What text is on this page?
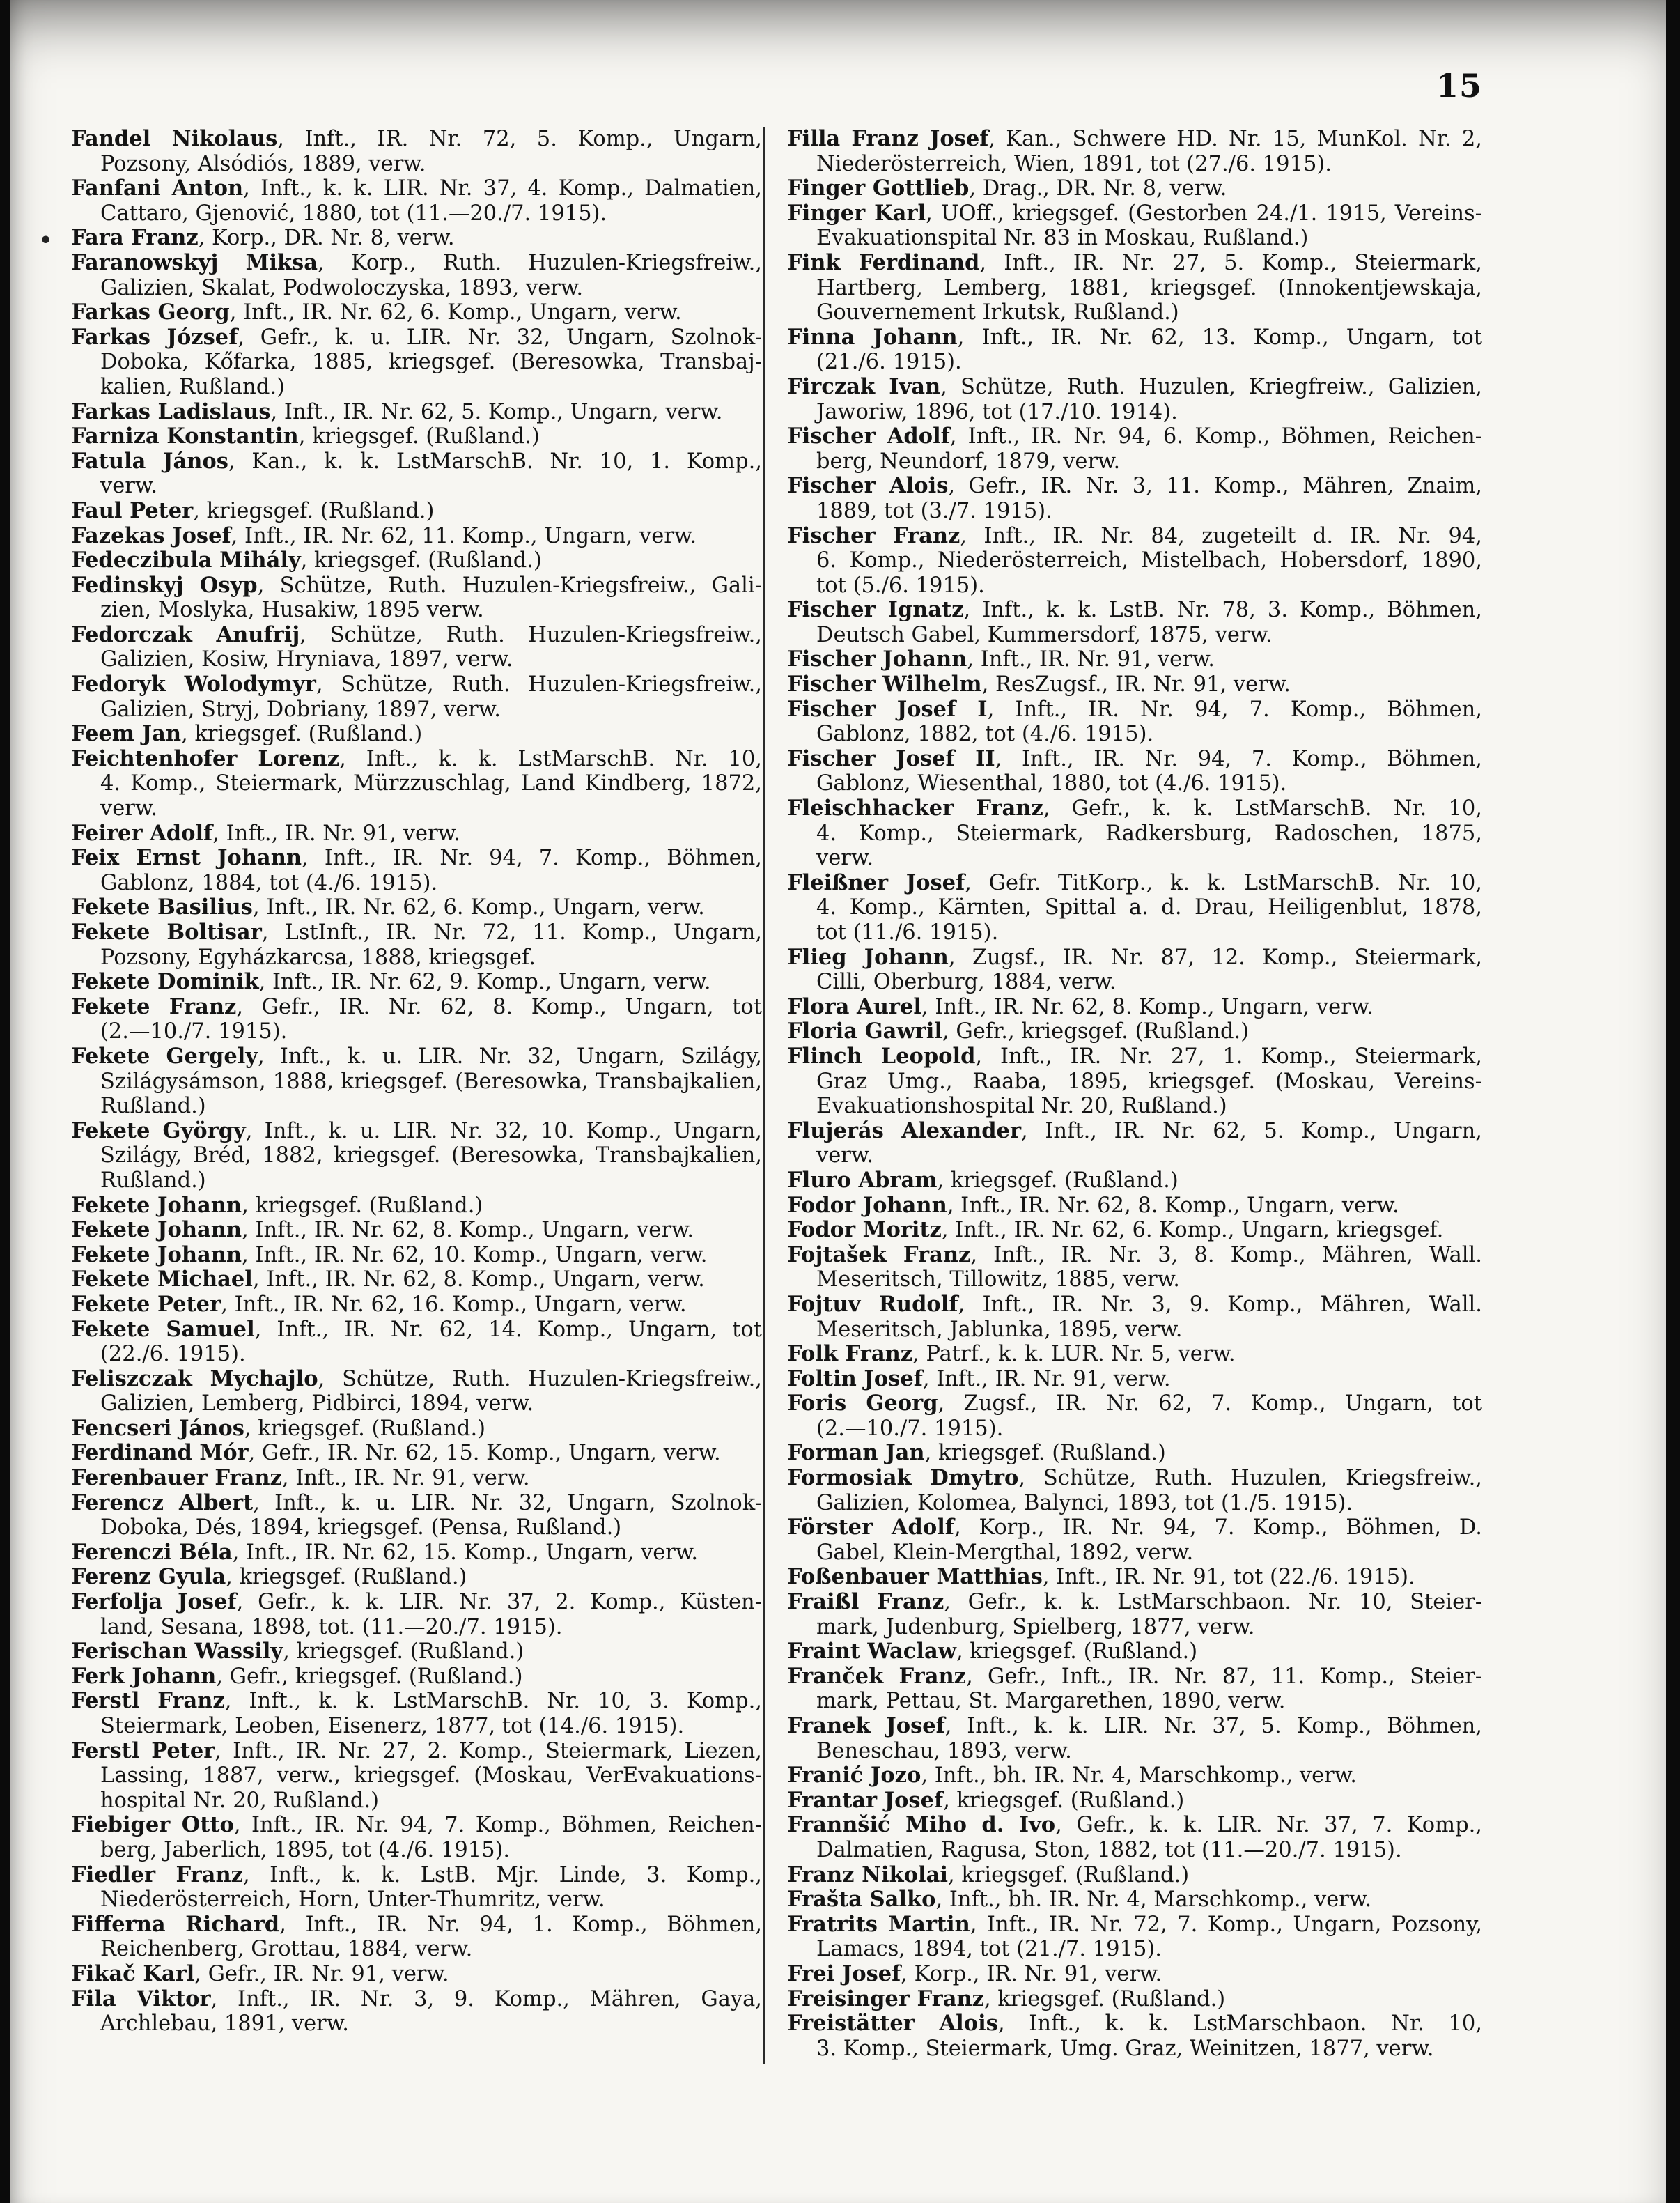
15
•
Fandel Nikolaus, Inft., IR. Nr. 72, 5. Komp., Ungarn,
Pozsony, Alsódiós, 1889, verw.
Fanfani Anton, Inft., k. k. LIR. Nr. 37, 4. Komp., Dalmatien,
Cattaro, Gjenović, 1880, tot (11.—20./7. 1915).
Fara Franz, Korp., DR. Nr. 8, verw.
Faranowskyj Miksa, Korp., Ruth. Huzulen-Kriegsfreiw.,
Galizien, Skalat, Podwoloczyska, 1893, verw.
Farkas Georg, Inft., IR. Nr. 62, 6. Komp., Ungarn, verw.
Farkas József, Gefr., k. u. LIR. Nr. 32, Ungarn, Szolnok-
Doboka, Kőfarka, 1885, kriegsgef. (Beresowka, Transbaj-
kalien, Rußland.)
Farkas Ladislaus, Inft., IR. Nr. 62, 5. Komp., Ungarn, verw.
Farniza Konstantin, kriegsgef. (Rußland.)
Fatula János, Kan., k. k. LstMarschB. Nr. 10, 1. Komp.,
verw.
Faul Peter, kriegsgef. (Rußland.)
Fazekas Josef, Inft., IR. Nr. 62, 11. Komp., Ungarn, verw.
Fedeczibula Mihály, kriegsgef. (Rußland.)
Fedinskyj Osyp, Schütze, Ruth. Huzulen-Kriegsfreiw., Gali-
zien, Moslyka, Husakiw, 1895 verw.
Fedorczak Anufrij, Schütze, Ruth. Huzulen-Kriegsfreiw.,
Galizien, Kosiw, Hryniava, 1897, verw.
Fedoryk Wolodymyr, Schütze, Ruth. Huzulen-Kriegsfreiw.,
Galizien, Stryj, Dobriany, 1897, verw.
Feem Jan, kriegsgef. (Rußland.)
Feichtenhofer Lorenz, Inft., k. k. LstMarschB. Nr. 10,
4. Komp., Steiermark, Mürzzuschlag, Land Kindberg, 1872,
verw.
Feirer Adolf, Inft., IR. Nr. 91, verw.
Feix Ernst Johann, Inft., IR. Nr. 94, 7. Komp., Böhmen,
Gablonz, 1884, tot (4./6. 1915).
Fekete Basilius, Inft., IR. Nr. 62, 6. Komp., Ungarn, verw.
Fekete Boltisar, LstInft., IR. Nr. 72, 11. Komp., Ungarn,
Pozsony, Egyházkarcsa, 1888, kriegsgef.
Fekete Dominik, Inft., IR. Nr. 62, 9. Komp., Ungarn, verw.
Fekete Franz, Gefr., IR. Nr. 62, 8. Komp., Ungarn, tot
(2.—10./7. 1915).
Fekete Gergely, Inft., k. u. LIR. Nr. 32, Ungarn, Szilágy,
Szilágysámson, 1888, kriegsgef. (Beresowka, Transbajkalien,
Rußland.)
Fekete György, Inft., k. u. LIR. Nr. 32, 10. Komp., Ungarn,
Szilágy, Bréd, 1882, kriegsgef. (Beresowka, Transbajkalien,
Rußland.)
Fekete Johann, kriegsgef. (Rußland.)
Fekete Johann, Inft., IR. Nr. 62, 8. Komp., Ungarn, verw.
Fekete Johann, Inft., IR. Nr. 62, 10. Komp., Ungarn, verw.
Fekete Michael, Inft., IR. Nr. 62, 8. Komp., Ungarn, verw.
Fekete Peter, Inft., IR. Nr. 62, 16. Komp., Ungarn, verw.
Fekete Samuel, Inft., IR. Nr. 62, 14. Komp., Ungarn, tot
(22./6. 1915).
Feliszczak Mychajlo, Schütze, Ruth. Huzulen-Kriegsfreiw.,
Galizien, Lemberg, Pidbirci, 1894, verw.
Fencseri János, kriegsgef. (Rußland.)
Ferdinand Mór, Gefr., IR. Nr. 62, 15. Komp., Ungarn, verw.
Ferenbauer Franz, Inft., IR. Nr. 91, verw.
Ferencz Albert, Inft., k. u. LIR. Nr. 32, Ungarn, Szolnok-
Doboka, Dés, 1894, kriegsgef. (Pensa, Rußland.)
Ferenczi Béla, Inft., IR. Nr. 62, 15. Komp., Ungarn, verw.
Ferenz Gyula, kriegsgef. (Rußland.)
Ferfolja Josef, Gefr., k. k. LIR. Nr. 37, 2. Komp., Küsten-
land, Sesana, 1898, tot. (11.—20./7. 1915).
Ferischan Wassily, kriegsgef. (Rußland.)
Ferk Johann, Gefr., kriegsgef. (Rußland.)
Ferstl Franz, Inft., k. k. LstMarschB. Nr. 10, 3. Komp.,
Steiermark, Leoben, Eisenerz, 1877, tot (14./6. 1915).
Ferstl Peter, Inft., IR. Nr. 27, 2. Komp., Steiermark, Liezen,
Lassing, 1887, verw., kriegsgef. (Moskau, VerEvakuations-
hospital Nr. 20, Rußland.)
Fiebiger Otto, Inft., IR. Nr. 94, 7. Komp., Böhmen, Reichen-
berg, Jaberlich, 1895, tot (4./6. 1915).
Fiedler Franz, Inft., k. k. LstB. Mjr. Linde, 3. Komp.,
Niederösterreich, Horn, Unter-Thumritz, verw.
Fifferna Richard, Inft., IR. Nr. 94, 1. Komp., Böhmen,
Reichenberg, Grottau, 1884, verw.
Fikač Karl, Gefr., IR. Nr. 91, verw.
Fila Viktor, Inft., IR. Nr. 3, 9. Komp., Mähren, Gaya,
Archlebau, 1891, verw.
Filla Franz Josef, Kan., Schwere HD. Nr. 15, MunKol. Nr. 2,
Niederösterreich, Wien, 1891, tot (27./6. 1915).
Finger Gottlieb, Drag., DR. Nr. 8, verw.
Finger Karl, UOff., kriegsgef. (Gestorben 24./1. 1915, Vereins-
Evakuationspital Nr. 83 in Moskau, Rußland.)
Fink Ferdinand, Inft., IR. Nr. 27, 5. Komp., Steiermark,
Hartberg, Lemberg, 1881, kriegsgef. (Innokentjewskaja,
Gouvernement Irkutsk, Rußland.)
Finna Johann, Inft., IR. Nr. 62, 13. Komp., Ungarn, tot
(21./6. 1915).
Firczak Ivan, Schütze, Ruth. Huzulen, Kriegfreiw., Galizien,
Jaworiw, 1896, tot (17./10. 1914).
Fischer Adolf, Inft., IR. Nr. 94, 6. Komp., Böhmen, Reichen-
berg, Neundorf, 1879, verw.
Fischer Alois, Gefr., IR. Nr. 3, 11. Komp., Mähren, Znaim,
1889, tot (3./7. 1915).
Fischer Franz, Inft., IR. Nr. 84, zugeteilt d. IR. Nr. 94,
6. Komp., Niederösterreich, Mistelbach, Hobersdorf, 1890,
tot (5./6. 1915).
Fischer Ignatz, Inft., k. k. LstB. Nr. 78, 3. Komp., Böhmen,
Deutsch Gabel, Kummersdorf, 1875, verw.
Fischer Johann, Inft., IR. Nr. 91, verw.
Fischer Wilhelm, ResZugsf., IR. Nr. 91, verw.
Fischer Josef I, Inft., IR. Nr. 94, 7. Komp., Böhmen,
Gablonz, 1882, tot (4./6. 1915).
Fischer Josef II, Inft., IR. Nr. 94, 7. Komp., Böhmen,
Gablonz, Wiesenthal, 1880, tot (4./6. 1915).
Fleischhacker Franz, Gefr., k. k. LstMarschB. Nr. 10,
4. Komp., Steiermark, Radkersburg, Radoschen, 1875,
verw.
Fleißner Josef, Gefr. TitKorp., k. k. LstMarschB. Nr. 10,
4. Komp., Kärnten, Spittal a. d. Drau, Heiligenblut, 1878,
tot (11./6. 1915).
Flieg Johann, Zugsf., IR. Nr. 87, 12. Komp., Steiermark,
Cilli, Oberburg, 1884, verw.
Flora Aurel, Inft., IR. Nr. 62, 8. Komp., Ungarn, verw.
Floria Gawril, Gefr., kriegsgef. (Rußland.)
Flinch Leopold, Inft., IR. Nr. 27, 1. Komp., Steiermark,
Graz Umg., Raaba, 1895, kriegsgef. (Moskau, Vereins-
Evakuationshospital Nr. 20, Rußland.)
Flujerás Alexander, Inft., IR. Nr. 62, 5. Komp., Ungarn,
verw.
Fluro Abram, kriegsgef. (Rußland.)
Fodor Johann, Inft., IR. Nr. 62, 8. Komp., Ungarn, verw.
Fodor Moritz, Inft., IR. Nr. 62, 6. Komp., Ungarn, kriegsgef.
Fojtašek Franz, Inft., IR. Nr. 3, 8. Komp., Mähren, Wall.
Meseritsch, Tillowitz, 1885, verw.
Fojtuv Rudolf, Inft., IR. Nr. 3, 9. Komp., Mähren, Wall.
Meseritsch, Jablunka, 1895, verw.
Folk Franz, Patrf., k. k. LUR. Nr. 5, verw.
Foltin Josef, Inft., IR. Nr. 91, verw.
Foris Georg, Zugsf., IR. Nr. 62, 7. Komp., Ungarn, tot
(2.—10./7. 1915).
Forman Jan, kriegsgef. (Rußland.)
Formosiak Dmytro, Schütze, Ruth. Huzulen, Kriegsfreiw.,
Galizien, Kolomea, Balynci, 1893, tot (1./5. 1915).
Förster Adolf, Korp., IR. Nr. 94, 7. Komp., Böhmen, D.
Gabel, Klein-Mergthal, 1892, verw.
Foßenbauer Matthias, Inft., IR. Nr. 91, tot (22./6. 1915).
Fraißl Franz, Gefr., k. k. LstMarschbaon. Nr. 10, Steier-
mark, Judenburg, Spielberg, 1877, verw.
Fraint Waclaw, kriegsgef. (Rußland.)
Franček Franz, Gefr., Inft., IR. Nr. 87, 11. Komp., Steier-
mark, Pettau, St. Margarethen, 1890, verw.
Franek Josef, Inft., k. k. LIR. Nr. 37, 5. Komp., Böhmen,
Beneschau, 1893, verw.
Franić Jozo, Inft., bh. IR. Nr. 4, Marschkomp., verw.
Frantar Josef, kriegsgef. (Rußland.)
Frannšić Miho d. Ivo, Gefr., k. k. LIR. Nr. 37, 7. Komp.,
Dalmatien, Ragusa, Ston, 1882, tot (11.—20./7. 1915).
Franz Nikolai, kriegsgef. (Rußland.)
Frašta Salko, Inft., bh. IR. Nr. 4, Marschkomp., verw.
Fratrits Martin, Inft., IR. Nr. 72, 7. Komp., Ungarn, Pozsony,
Lamacs, 1894, tot (21./7. 1915).
Frei Josef, Korp., IR. Nr. 91, verw.
Freisinger Franz, kriegsgef. (Rußland.)
Freistätter Alois, Inft., k. k. LstMarschbaon. Nr. 10,
3. Komp., Steiermark, Umg. Graz, Weinitzen, 1877, verw.
